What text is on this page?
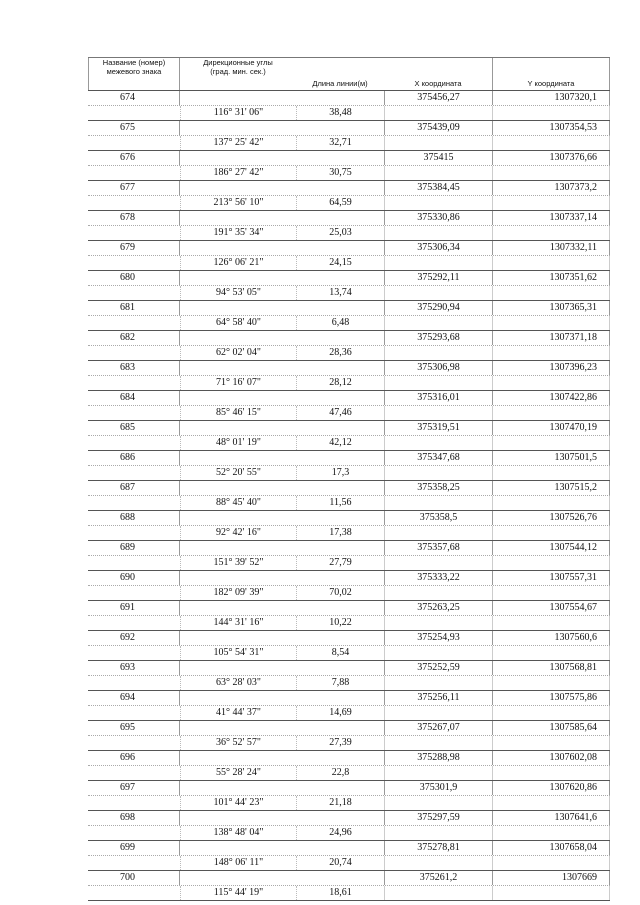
Название (номер)
межевого знака
Дирекционные углы
(град. мин. сек.)
Длина линии(м)	X координата	Y координата
674	375456,27	1307320,1
116° 31' 06"	38,48
675	375439,09	1307354,53
137° 25' 42"	32,71
676	375415	1307376,66
186° 27' 42"	30,75
677	375384,45	1307373,2
213° 56' 10"	64,59
678	375330,86	1307337,14
191° 35' 34"	25,03
679	375306,34	1307332,11
126° 06' 21"	24,15
680	375292,11	1307351,62
94° 53' 05"	13,74
681	375290,94	1307365,31
64° 58' 40"	6,48
682	375293,68	1307371,18
62° 02' 04"	28,36
683	375306,98	1307396,23
71° 16' 07"	28,12
684	375316,01	1307422,86
85° 46' 15"	47,46
685	375319,51	1307470,19
48° 01' 19"	42,12
686	375347,68	1307501,5
52° 20' 55"	17,3
687	375358,25	1307515,2
88° 45' 40"	11,56
688	375358,5	1307526,76
92° 42' 16"	17,38
689	375357,68	1307544,12
151° 39' 52"	27,79
690	375333,22	1307557,31
182° 09' 39"	70,02
691	375263,25	1307554,67
144° 31' 16"	10,22
692	375254,93	1307560,6
105° 54' 31"	8,54
693	375252,59	1307568,81
63° 28' 03"	7,88
694	375256,11	1307575,86
41° 44' 37"	14,69
695	375267,07	1307585,64
36° 52' 57"	27,39
696	375288,98	1307602,08
55° 28' 24"	22,8
697	375301,9	1307620,86
101° 44' 23"	21,18
698	375297,59	1307641,6
138° 48' 04"	24,96
699	375278,81	1307658,04
148° 06' 11"	20,74
700	375261,2	1307669
115° 44' 19"	18,61
